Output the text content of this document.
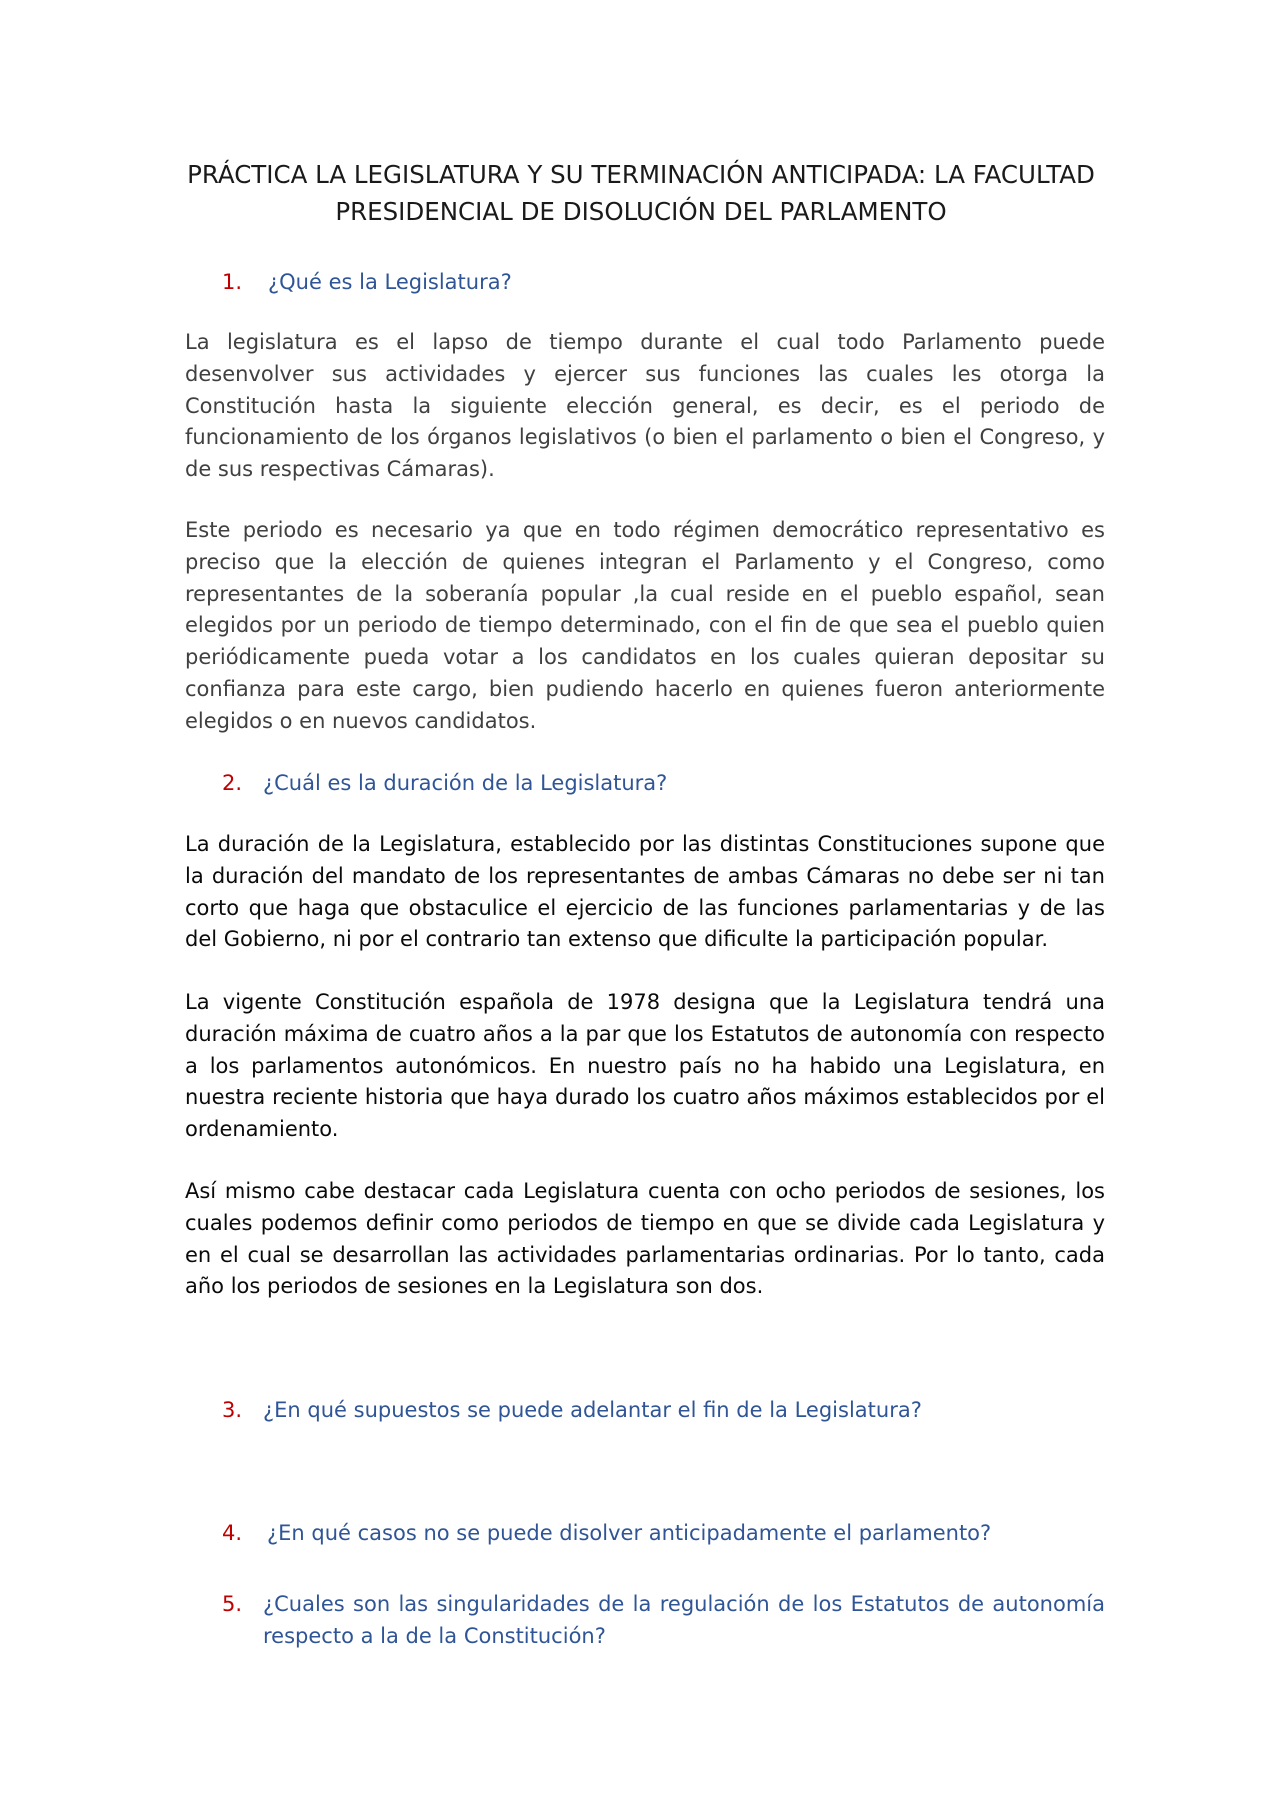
PRÁCTICA LA LEGISLATURA Y SU TERMINACIÓN ANTICIPADA: LA FACULTAD PRESIDENCIAL DE DISOLUCIÓN DEL PARLAMENTO
1. ¿Qué es la Legislatura?
La legislatura es el lapso de tiempo durante el cual todo Parlamento puede desenvolver sus actividades y ejercer sus funciones las cuales les otorga la Constitución hasta la siguiente elección general, es decir, es el periodo de funcionamiento de los órganos legislativos (o bien el parlamento o bien el Congreso, y de sus respectivas Cámaras).
Este periodo es necesario ya que en todo régimen democrático representativo es preciso que la elección de quienes integran el Parlamento y el Congreso, como representantes de la soberanía popular ,la cual reside en el pueblo español, sean elegidos por un periodo de tiempo determinado, con el fin de que sea el pueblo quien periódicamente pueda votar a los candidatos en los cuales quieran depositar su confianza para este cargo, bien pudiendo hacerlo en quienes fueron anteriormente elegidos o en nuevos candidatos.
2. ¿Cuál es la duración de la Legislatura?
La duración de la Legislatura, establecido por las distintas Constituciones supone que la duración del mandato de los representantes de ambas Cámaras no debe ser ni tan corto que haga que obstaculice el ejercicio de las funciones parlamentarias y de las del Gobierno, ni por el contrario tan extenso que dificulte la participación popular.
La vigente Constitución española de 1978 designa que la Legislatura tendrá una duración máxima de cuatro años a la par que los Estatutos de autonomía con respecto a los parlamentos autonómicos. En nuestro país no ha habido una Legislatura, en nuestra reciente historia que haya durado los cuatro años máximos establecidos por el ordenamiento.
Así mismo cabe destacar cada Legislatura cuenta con ocho periodos de sesiones, los cuales podemos definir como periodos de tiempo en que se divide cada Legislatura y en el cual se desarrollan las actividades parlamentarias ordinarias. Por lo tanto, cada año los periodos de sesiones en la Legislatura son dos.
3. ¿En qué supuestos se puede adelantar el fin de la Legislatura?
4. ¿En qué casos no se puede disolver anticipadamente el parlamento?
5. ¿Cuales son las singularidades de la regulación de los Estatutos de autonomía respecto a la de la Constitución?
